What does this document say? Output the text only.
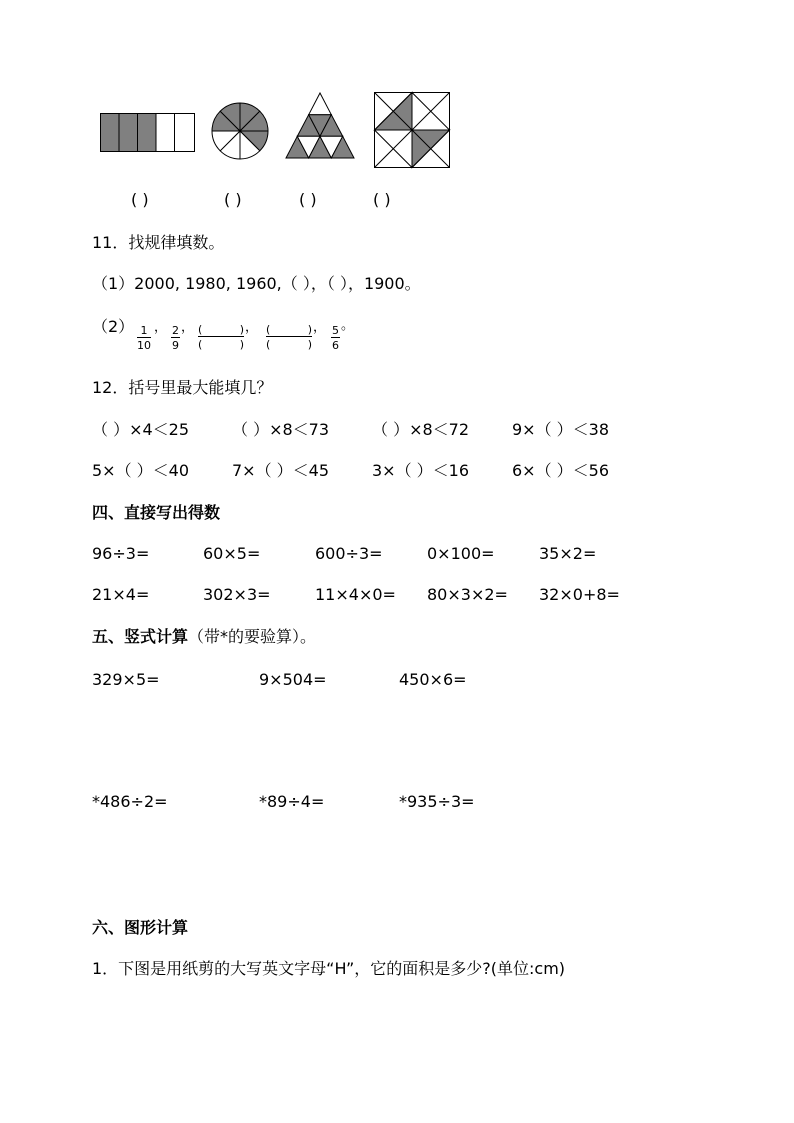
( )	( )	( )	( )
11．找规律填数。
（1）2000, 1980, 1960,（ ），（ ），1900。
$(2) \frac{1}{10}$ ， $\frac{2}{9}$ ， (	)
(	)
， (	)
(	)
， $\frac{5}{6}$ 。
12．括号里最大能填几？
（ ）×4＜25	（ ）×8＜73	（ ）×8＜72	9×（ ）＜38
5×（ ）＜40	7×（ ）＜45	3×（ ）＜16	6×（ ）＜56
四、直接写出得数
96÷3=	60×5=	600÷3=	0×100=	35×2=
21×4=	302×3=	11×4×0= 80×3×2= 32×0+8=
五、竖式计算（带*的要验算）。
329×5=	9×504=	450×6=
*486÷2=	*89÷4=	*935÷3=
六、图形计算
1．下图是用纸剪的大写英文字母“H”，它的面积是多少?(单位:cm)
